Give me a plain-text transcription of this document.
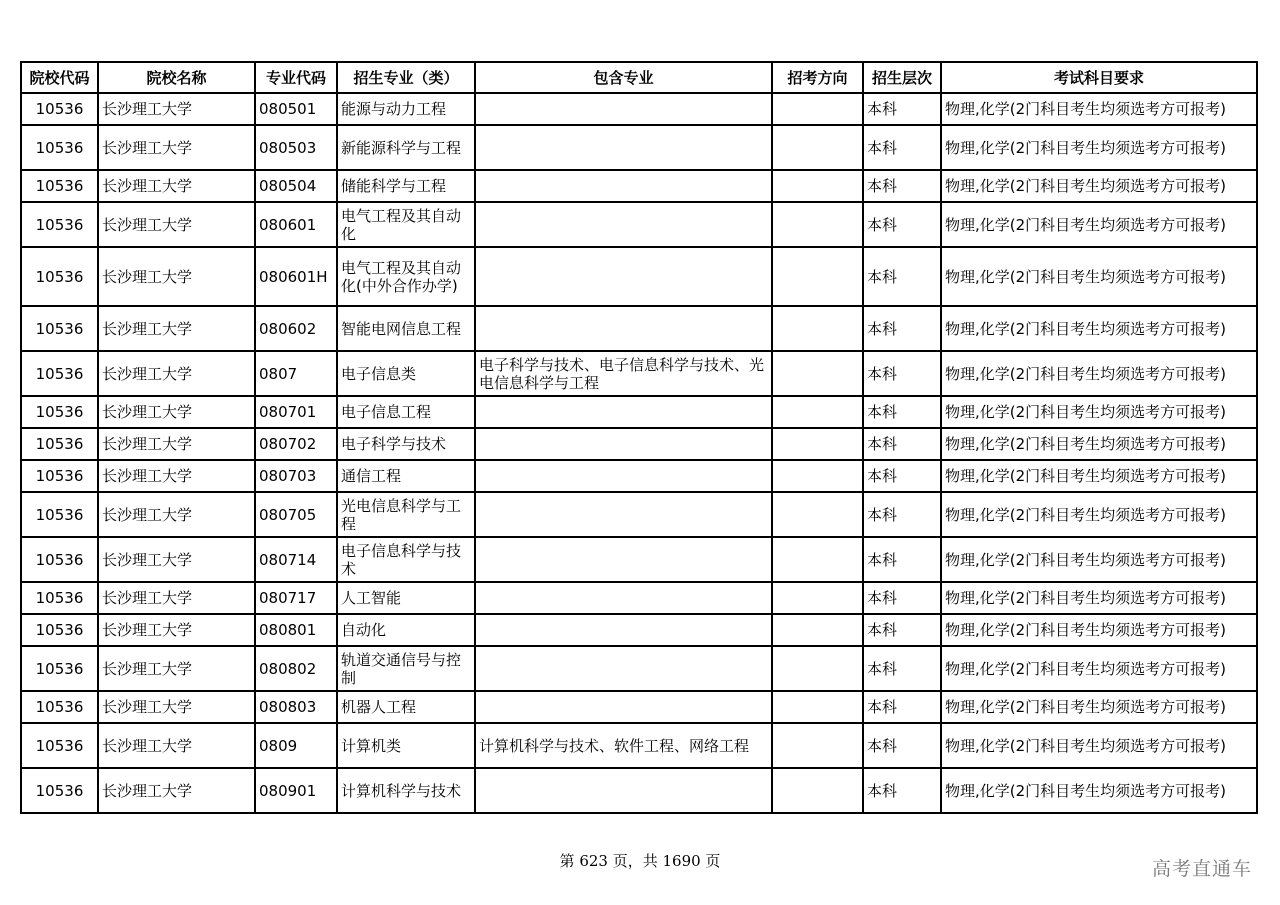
院校代码	院校名称	专业代码	招生专业（类）	包含专业	招考方向	招生层次	考试科目要求
10536	长沙理工大学	080501	能源与动力工程			本科	物理,化学(2门科目考生均须选考方可报考)
10536	长沙理工大学	080503	新能源科学与工程			本科	物理,化学(2门科目考生均须选考方可报考)
10536	长沙理工大学	080504	储能科学与工程			本科	物理,化学(2门科目考生均须选考方可报考)
10536	长沙理工大学	080601	电气工程及其自动化			本科	物理,化学(2门科目考生均须选考方可报考)
10536	长沙理工大学	080601H	电气工程及其自动化(中外合作办学)			本科	物理,化学(2门科目考生均须选考方可报考)
10536	长沙理工大学	080602	智能电网信息工程			本科	物理,化学(2门科目考生均须选考方可报考)
10536	长沙理工大学	0807	电子信息类	电子科学与技术、电子信息科学与技术、光电信息科学与工程		本科	物理,化学(2门科目考生均须选考方可报考)
10536	长沙理工大学	080701	电子信息工程			本科	物理,化学(2门科目考生均须选考方可报考)
10536	长沙理工大学	080702	电子科学与技术			本科	物理,化学(2门科目考生均须选考方可报考)
10536	长沙理工大学	080703	通信工程			本科	物理,化学(2门科目考生均须选考方可报考)
10536	长沙理工大学	080705	光电信息科学与工程			本科	物理,化学(2门科目考生均须选考方可报考)
10536	长沙理工大学	080714	电子信息科学与技术			本科	物理,化学(2门科目考生均须选考方可报考)
10536	长沙理工大学	080717	人工智能			本科	物理,化学(2门科目考生均须选考方可报考)
10536	长沙理工大学	080801	自动化			本科	物理,化学(2门科目考生均须选考方可报考)
10536	长沙理工大学	080802	轨道交通信号与控制			本科	物理,化学(2门科目考生均须选考方可报考)
10536	长沙理工大学	080803	机器人工程			本科	物理,化学(2门科目考生均须选考方可报考)
10536	长沙理工大学	0809	计算机类	计算机科学与技术、软件工程、网络工程		本科	物理,化学(2门科目考生均须选考方可报考)
10536	长沙理工大学	080901	计算机科学与技术			本科	物理,化学(2门科目考生均须选考方可报考)
第 623 页，共 1690 页	高考直通车
